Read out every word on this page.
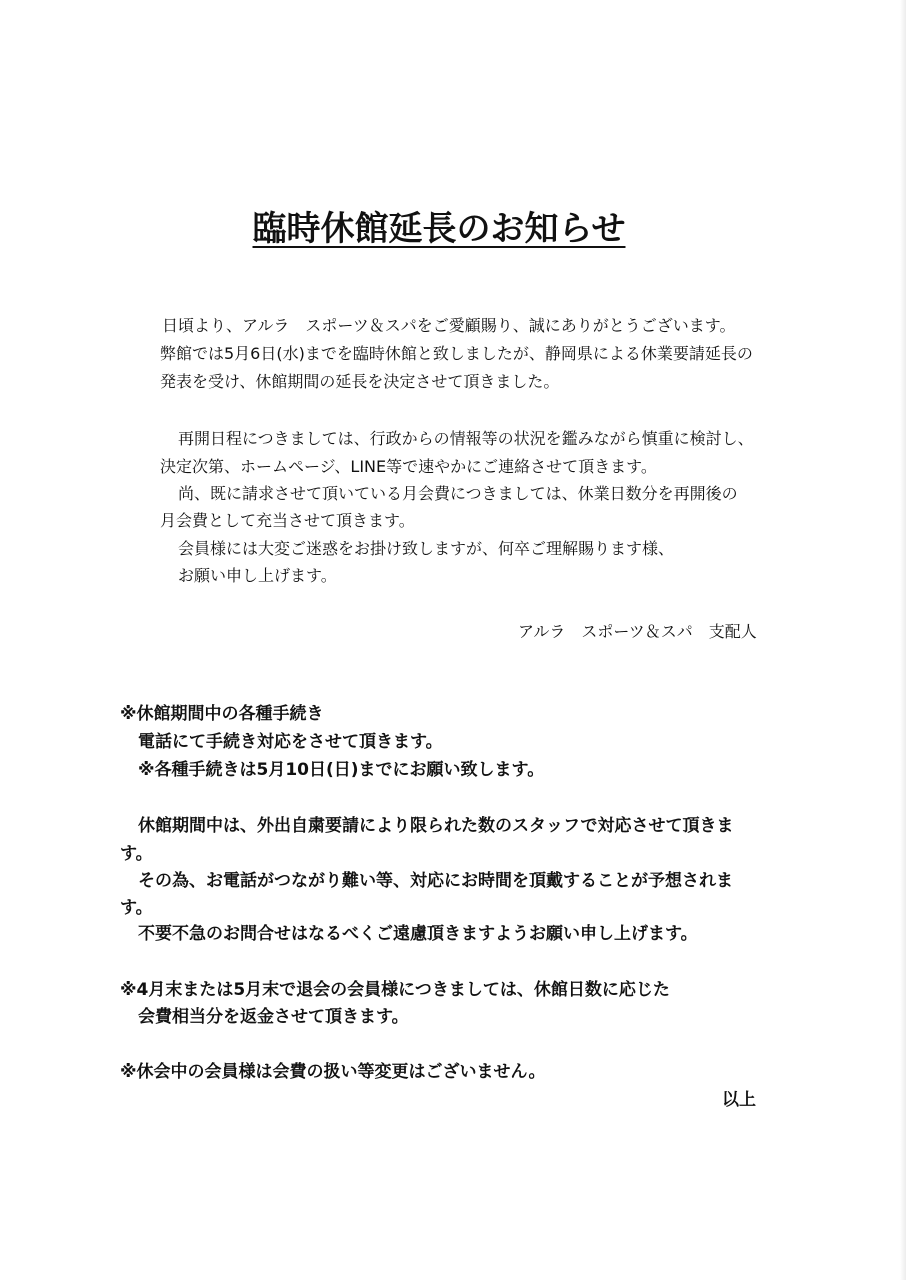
臨時休館延長のお知らせ
日頃より、アルラ　スポーツ＆スパをご愛顧賜り、誠にありがとうございます。
弊館では5月6日(水)までを臨時休館と致しましたが、静岡県による休業要請延長の
発表を受け、休館期間の延長を決定させて頂きました。
再開日程につきましては、行政からの情報等の状況を鑑みながら慎重に検討し、
決定次第、ホームページ、LINE等で速やかにご連絡させて頂きます。
尚、既に請求させて頂いている月会費につきましては、休業日数分を再開後の
月会費として充当させて頂きます。
会員様には大変ご迷惑をお掛け致しますが、何卒ご理解賜ります様、
お願い申し上げます。
アルラ　スポーツ＆スパ　支配人
※休館期間中の各種手続き
電話にて手続き対応をさせて頂きます。
※各種手続きは5月10日(日)までにお願い致します。
休館期間中は、外出自粛要請により限られた数のスタッフで対応させて頂きま
す。
その為、お電話がつながり難い等、対応にお時間を頂戴することが予想されま
す。
不要不急のお問合せはなるべくご遠慮頂きますようお願い申し上げます。
※4月末または5月末で退会の会員様につきましては、休館日数に応じた
会費相当分を返金させて頂きます。
※休会中の会員様は会費の扱い等変更はございません。
以上
